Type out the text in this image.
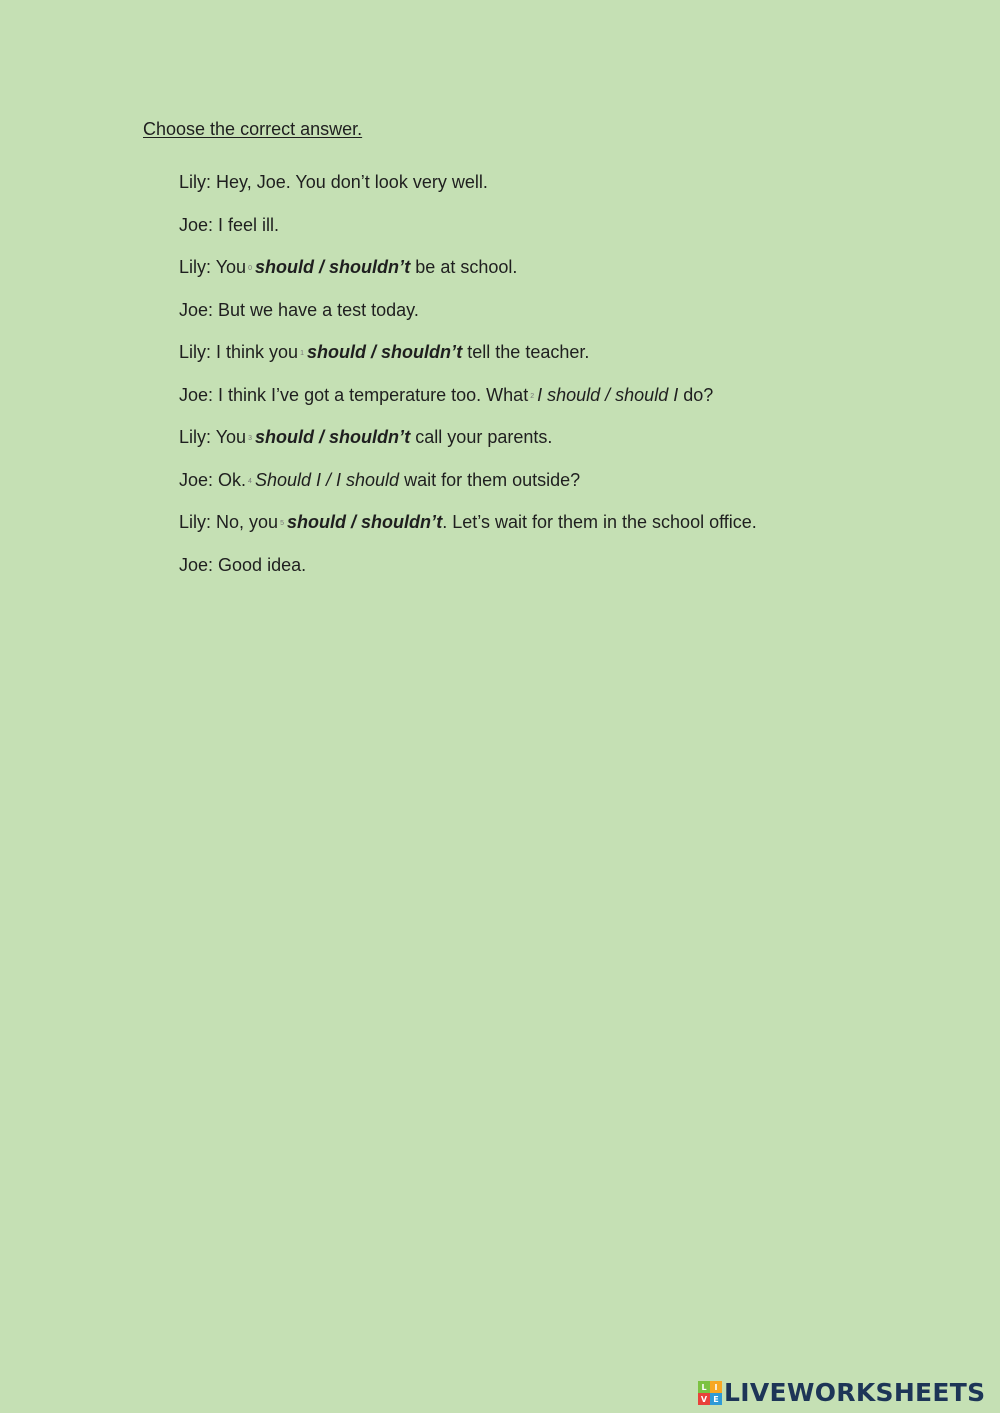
Choose the correct answer.
Lily: Hey, Joe. You don’t look very well.
Joe: I feel ill.
Lily: You 0 should / shouldn’t be at school.
Joe: But we have a test today.
Lily: I think you 1 should / shouldn’t tell the teacher.
Joe: I think I’ve got a temperature too. What 2 I should / should I do?
Lily: You 3 should / shouldn’t call your parents.
Joe: Ok. 4 Should I / I should wait for them outside?
Lily: No, you 5 should / shouldn’t. Let’s wait for them in the school office.
Joe: Good idea.
L I
V E LIVEWORKSHEETS
